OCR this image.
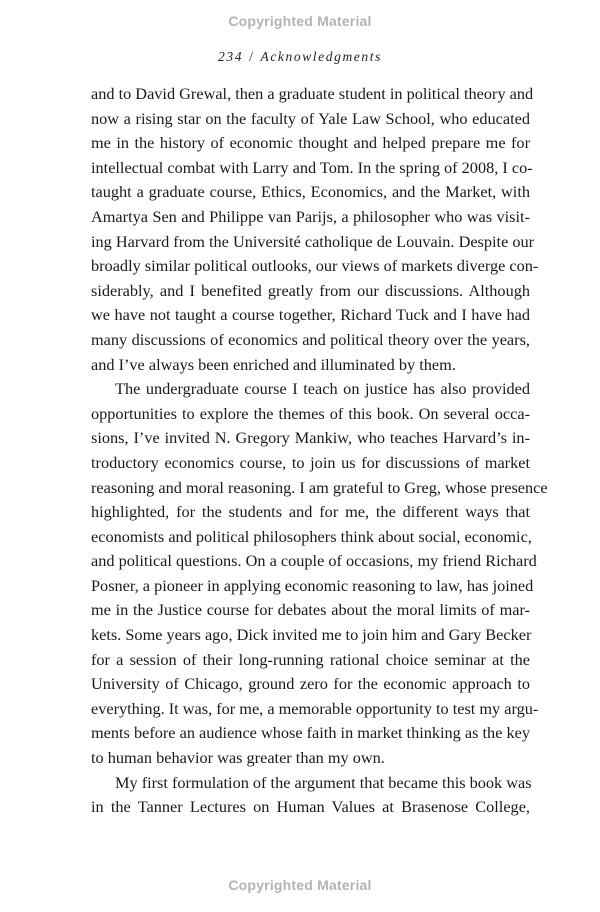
Copyrighted Material
234 / Acknowledgments
and to David Grewal, then a graduate student in political theory and
now a rising star on the faculty of Yale Law School, who educated
me in the history of economic thought and helped prepare me for
intellectual combat with Larry and Tom. In the spring of 2008, I co-
taught a graduate course, Ethics, Economics, and the Market, with
Amartya Sen and Philippe van Parijs, a philosopher who was visit-
ing Harvard from the Université catholique de Louvain. Despite our
broadly similar political outlooks, our views of markets diverge con-
siderably, and I benefited greatly from our discussions. Although
we have not taught a course together, Richard Tuck and I have had
many discussions of economics and political theory over the years,
and I’ve always been enriched and illuminated by them.
The undergraduate course I teach on justice has also provided
opportunities to explore the themes of this book. On several occa-
sions, I’ve invited N. Gregory Mankiw, who teaches Harvard’s in-
troductory economics course, to join us for discussions of market
reasoning and moral reasoning. I am grateful to Greg, whose presence
highlighted, for the students and for me, the different ways that
economists and political philosophers think about social, economic,
and political questions. On a couple of occasions, my friend Richard
Posner, a pioneer in applying economic reasoning to law, has joined
me in the Justice course for debates about the moral limits of mar-
kets. Some years ago, Dick invited me to join him and Gary Becker
for a session of their long-running rational choice seminar at the
University of Chicago, ground zero for the economic approach to
everything. It was, for me, a memorable opportunity to test my argu-
ments before an audience whose faith in market thinking as the key
to human behavior was greater than my own.
My first formulation of the argument that became this book was
in the Tanner Lectures on Human Values at Brasenose College,
Copyrighted Material
